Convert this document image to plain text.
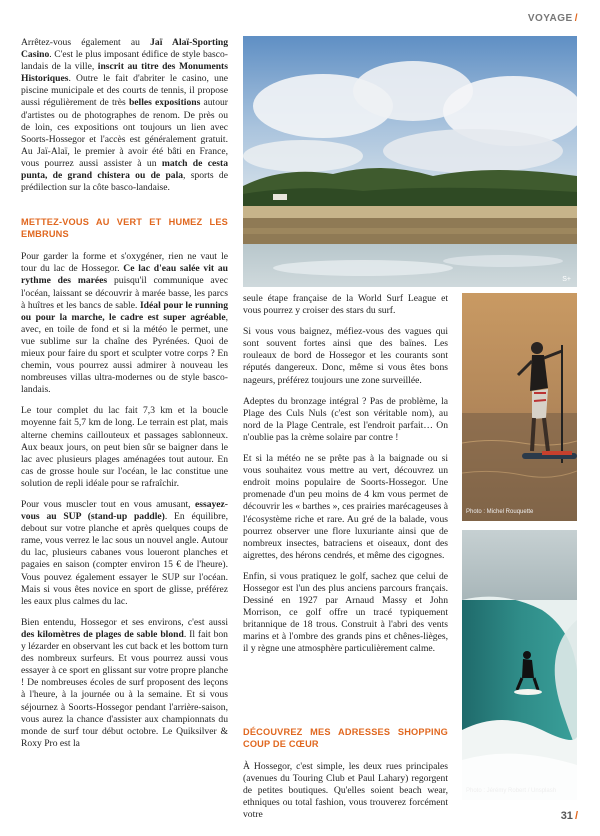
VOYAGE /

Arrêtez-vous également au Jaï Alaï-Sporting Casino. C'est le plus imposant édifice de style basco-landais de la ville, inscrit au titre des Monuments Historiques. Outre le fait d'abriter le casino, une piscine municipale et des courts de tennis, il propose aussi régulièrement de très belles expositions autour d'artistes ou de photographes de renom. De près ou de loin, ces expositions ont toujours un lien avec Soorts-Hossegor et l'accès est généralement gratuit. Au Jaï-Alaï, le premier à avoir été bâti en France, vous pourrez aussi assister à un match de cesta punta, de grand chistera ou de pala, sports de prédilection sur la côte basco-landaise.

METTEZ-VOUS AU VERT ET HUMEZ LES EMBRUNS

Pour garder la forme et s'oxygéner, rien ne vaut le tour du lac de Hossegor. Ce lac d'eau salée vit au rythme des marées puisqu'il communique avec l'océan, laissant se découvrir à marée basse, les parcs à huîtres et les bancs de sable. Idéal pour le running ou pour la marche, le cadre est super agréable, avec, en toile de fond et si la météo le permet, une vue sublime sur la chaîne des Pyrénées. Quoi de mieux pour faire du sport et sculpter votre corps ? En chemin, vous pourrez aussi admirer à nouveau les nombreuses villas ultra-modernes ou de style basco-landais.

Le tour complet du lac fait 7,3 km et la boucle moyenne fait 5,7 km de long. Le terrain est plat, mais alterne chemins caillouteux et passages sablonneux. Aux beaux jours, on peut bien sûr se baigner dans le lac avec plusieurs plages aménagées tout autour. En cas de grosse houle sur l'océan, le lac constitue une solution de repli idéale pour se rafraîchir.

Pour vous muscler tout en vous amusant, essayez-vous au SUP (stand-up paddle). En équilibre, debout sur votre planche et après quelques coups de rame, vous verrez le lac sous un nouvel angle. Autour du lac, plusieurs cabanes vous loueront planches et pagaies en saison (compter environ 15 € de l'heure). Vous pouvez également essayer le SUP sur l'océan. Mais si vous êtes novice en sport de glisse, préférez les eaux plus calmes du lac.

Bien entendu, Hossegor et ses environs, c'est aussi des kilomètres de plages de sable blond. Il fait bon y lézarder en observant les cut back et les bottom turn des nombreux surfeurs. Et vous pourrez aussi vous essayer à ce sport en glissant sur votre propre planche ! De nombreuses écoles de surf proposent des leçons à l'heure, à la journée ou à la semaine. Et si vous séjournez à Soorts-Hossegor pendant l'arrière-saison, vous aurez la chance d'assister aux championnats du monde de surf tour début octobre. Le Quiksilver & Roxy Pro est la

S+

seule étape française de la World Surf League et vous pourrez y croiser des stars du surf.

Si vous vous baignez, méfiez-vous des vagues qui sont souvent fortes ainsi que des baïnes. Les rouleaux de bord de Hossegor et les courants sont réputés dangereux. Donc, même si vous êtes bons nageurs, préférez toujours une zone surveillée.

Adeptes du bronzage intégral ? Pas de problème, la Plage des Culs Nuls (c'est son véritable nom), au nord de la Plage Centrale, est l'endroit parfait… On n'oublie pas la crème solaire par contre !

Et si la météo ne se prête pas à la baignade ou si vous souhaitez vous mettre au vert, découvrez un endroit moins populaire de Soorts-Hossegor. Une promenade d'un peu moins de 4 km vous permet de découvrir les « barthes », ces prairies marécageuses à l'écosystème riche et rare. Au gré de la balade, vous pourrez observer une flore luxuriante ainsi que de nombreux insectes, batraciens et oiseaux, dont des aigrettes, des hérons cendrés, et même des cigognes.

Enfin, si vous pratiquez le golf, sachez que celui de Hossegor est l'un des plus anciens parcours français. Dessiné en 1927 par Arnaud Massy et John Morrison, ce golf offre un tracé typiquement britannique de 18 trous. Construit à l'abri des vents marins et à l'ombre des grands pins et chênes-lièges, il y règne une atmosphère particulièrement calme.

DÉCOUVREZ MES ADRESSES SHOPPING COUP DE CŒUR

À Hossegor, c'est simple, les deux rues principales (avenues du Touring Club et Paul Lahary) regorgent de petites boutiques. Qu'elles soient beach wear, ethniques ou total fashion, vous trouverez forcément votre

Photo : Michel Rouquette
Photo : Jérémy Robert / Unsplash
31 /
